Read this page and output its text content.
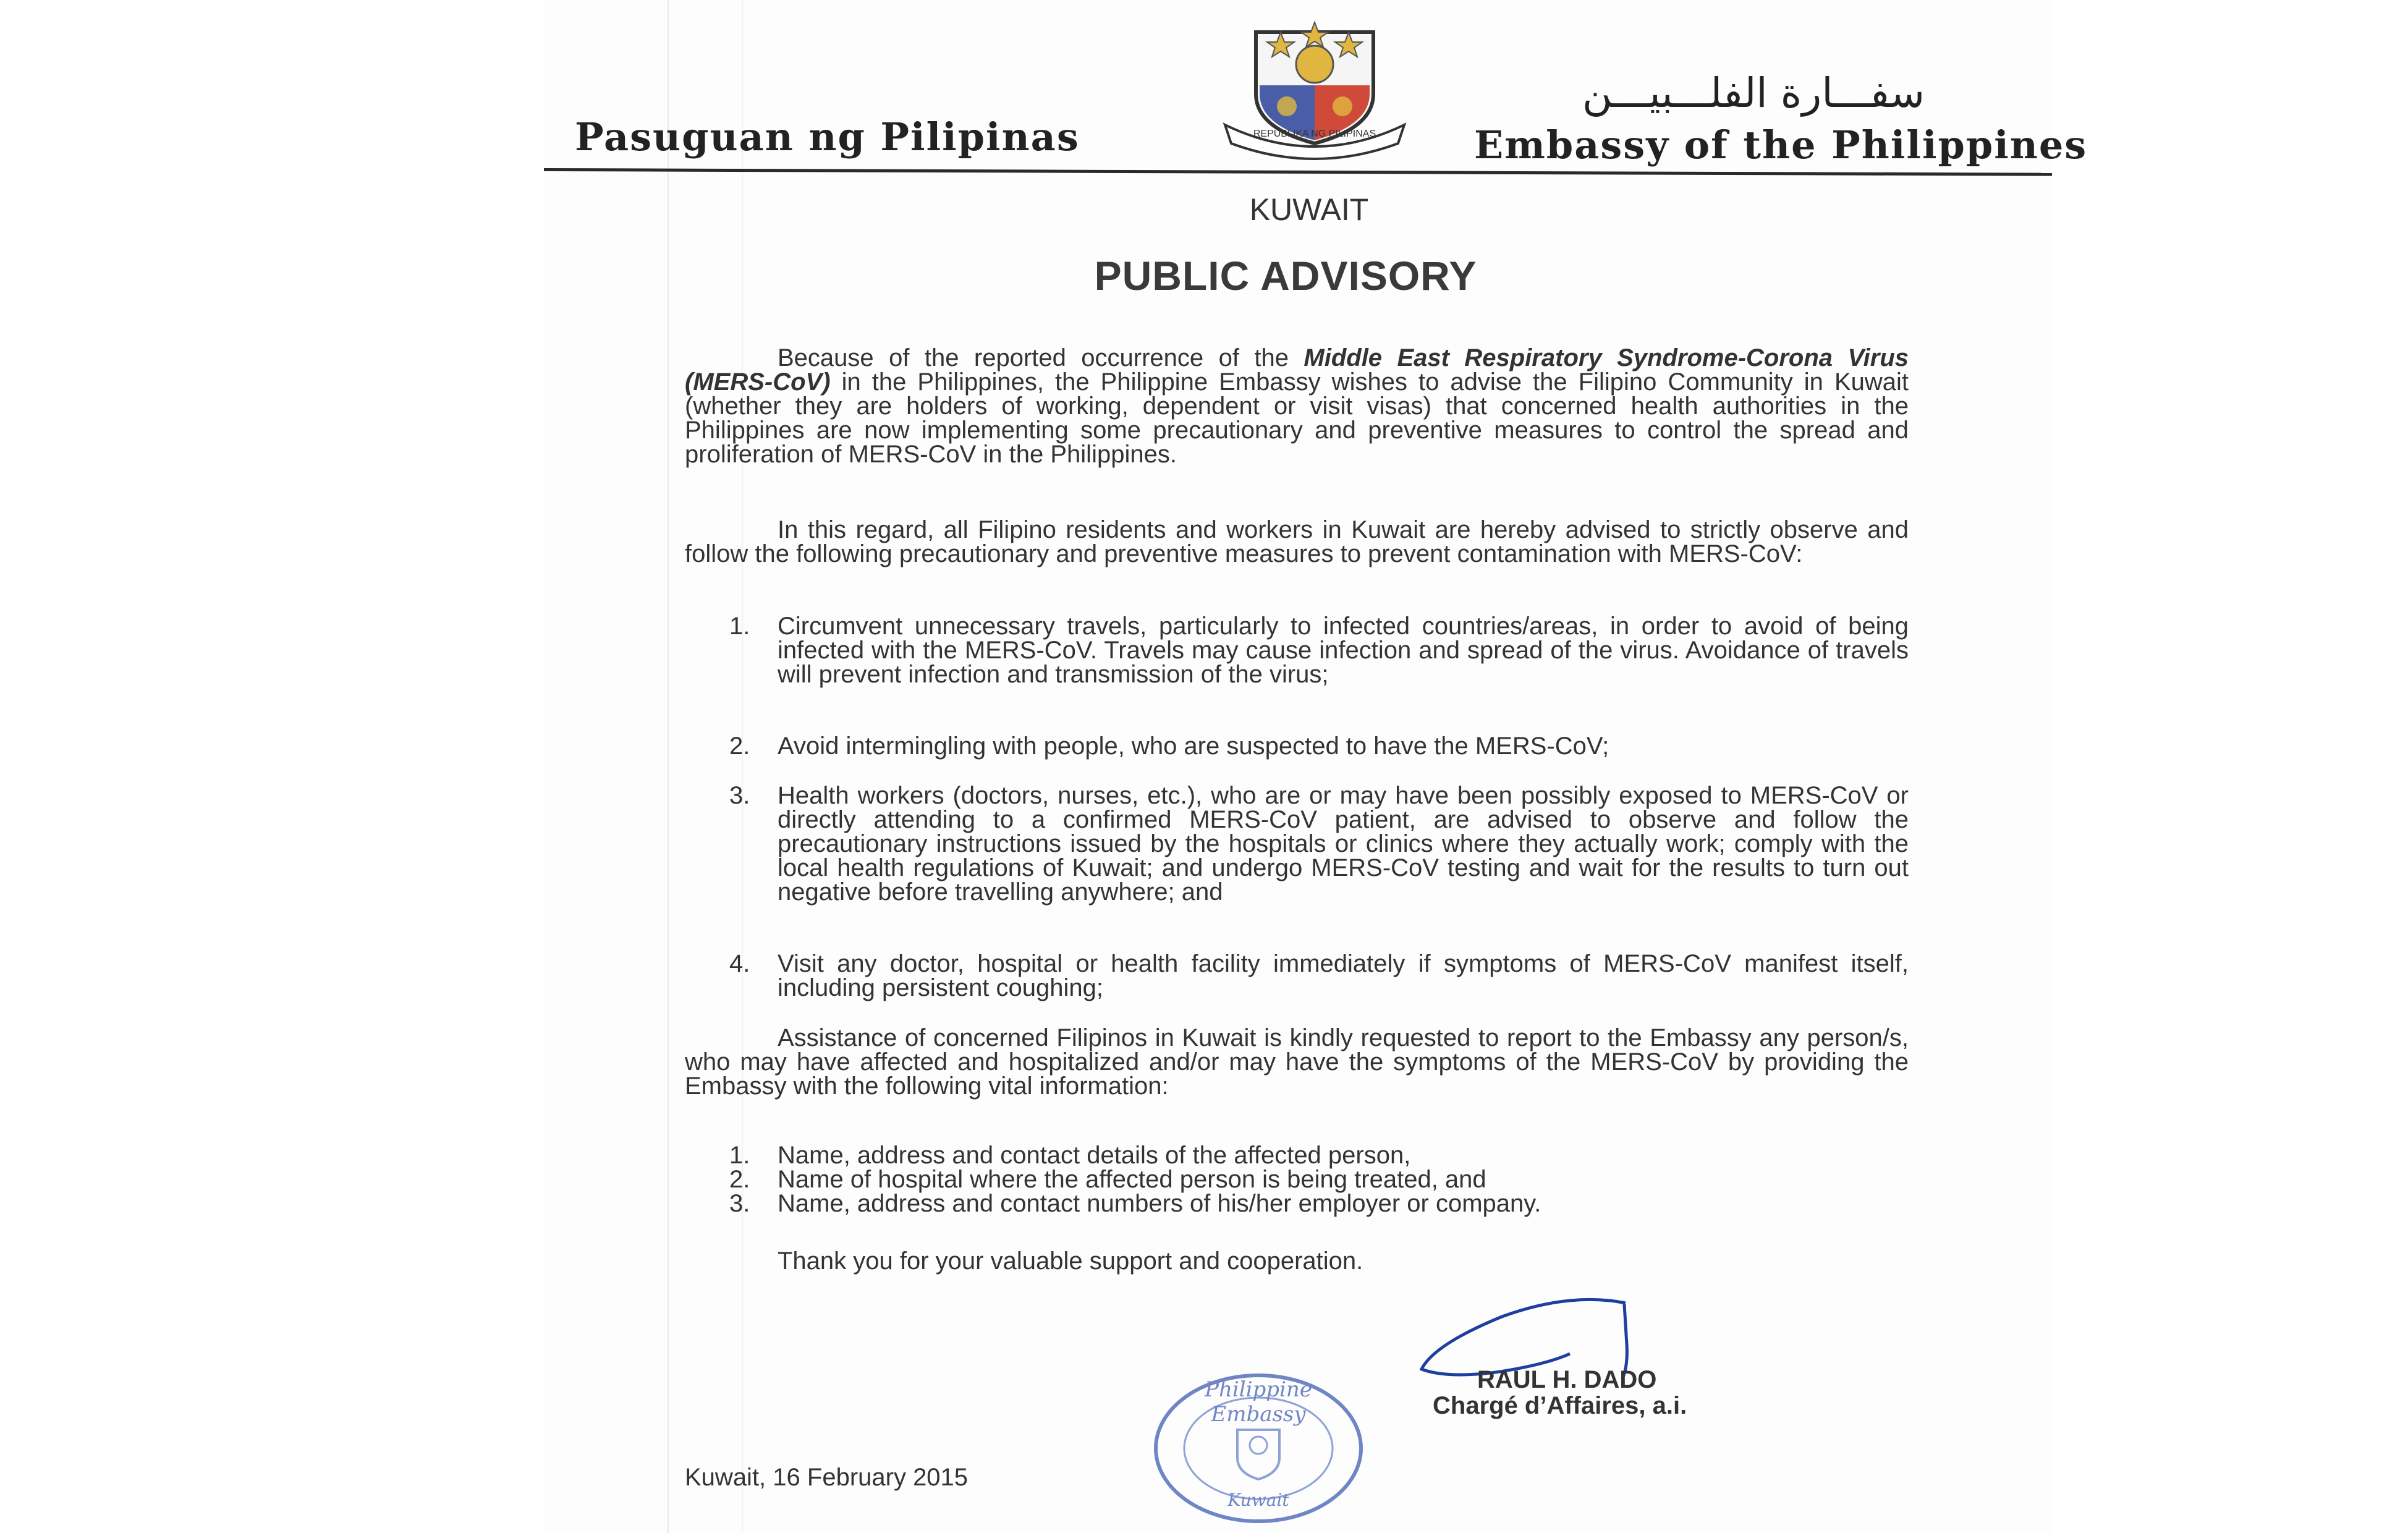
Pasuguan ng Pilipinas	REPUBLIKA NG PILIPINAS
سفـــارة الفلـــبيـــن
Embassy of the Philippines
KUWAIT
PUBLIC ADVISORY
Because of the reported occurrence of the Middle East Respiratory Syndrome-Corona Virus (MERS-CoV) in the Philippines, the Philippine Embassy wishes to advise the Filipino Community in Kuwait (whether they are holders of working, dependent or visit visas) that concerned health authorities in the Philippines are now implementing some precautionary and preventive measures to control the spread and proliferation of MERS-CoV in the Philippines.
In this regard, all Filipino residents and workers in Kuwait are hereby advised to strictly observe and follow the following precautionary and preventive measures to prevent contamination with MERS-CoV:
1.	Circumvent unnecessary travels, particularly to infected countries/areas, in order to avoid of being infected with the MERS-CoV. Travels may cause infection and spread of the virus. Avoidance of travels will prevent infection and transmission of the virus;
2.	Avoid intermingling with people, who are suspected to have the MERS-CoV;
3.	Health workers (doctors, nurses, etc.), who are or may have been possibly exposed to MERS-CoV or directly attending to a confirmed MERS-CoV patient, are advised to observe and follow the precautionary instructions issued by the hospitals or clinics where they actually work; comply with the local health regulations of Kuwait; and undergo MERS-CoV testing and wait for the results to turn out negative before travelling anywhere; and
4.	Visit any doctor, hospital or health facility immediately if symptoms of MERS-CoV manifest itself, including persistent coughing;
Assistance of concerned Filipinos in Kuwait is kindly requested to report to the Embassy any person/s, who may have affected and hospitalized and/or may have the symptoms of the MERS-CoV by providing the Embassy with the following vital information:
1.	Name, address and contact details of the affected person,
2.	Name of hospital where the affected person is being treated, and
3.	Name, address and contact numbers of his/her employer or company.
Thank you for your valuable support and cooperation.
RAUL H. DADO
Chargé d’Affaires, a.i.
Philippine Embassy
Kuwait
Kuwait, 16 February 2015
